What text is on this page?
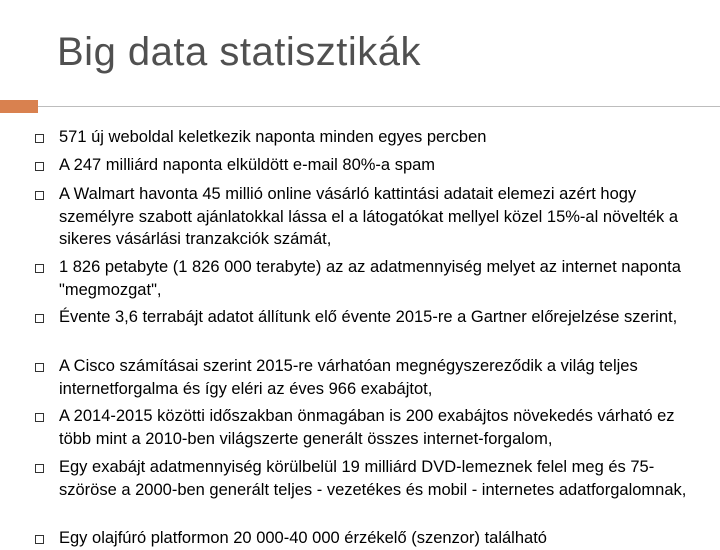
Big data statisztikák
571 új weboldal keletkezik naponta minden egyes percben
A 247 milliárd naponta elküldött e-mail 80%-a spam
A Walmart havonta 45 millió online vásárló kattintási adatait elemezi azért hogy személyre szabott ajánlatokkal lássa el a látogatókat mellyel közel 15%-al növelték a sikeres vásárlási tranzakciók számát,
1 826 petabyte (1 826 000 terabyte) az az adatmennyiség melyet az internet naponta "megmozgat",
Évente 3,6 terrabájt adatot állítunk elő évente 2015-re a Gartner előrejelzése szerint,
A Cisco számításai szerint 2015-re várhatóan megnégyszereződik a világ teljes internetforgalma és így eléri az éves 966 exabájtot,
A 2014-2015 közötti időszakban önmagában is 200 exabájtos növekedés várható ez több mint a 2010-ben világszerte generált összes internet-forgalom,
Egy exabájt adatmennyiség körülbelül 19 milliárd DVD-lemeznek felel meg és 75-szöröse a 2000-ben generált teljes - vezetékes és mobil - internetes adatforgalomnak,
Egy olajfúró platformon 20 000-40 000 érzékelő (szenzor) található
